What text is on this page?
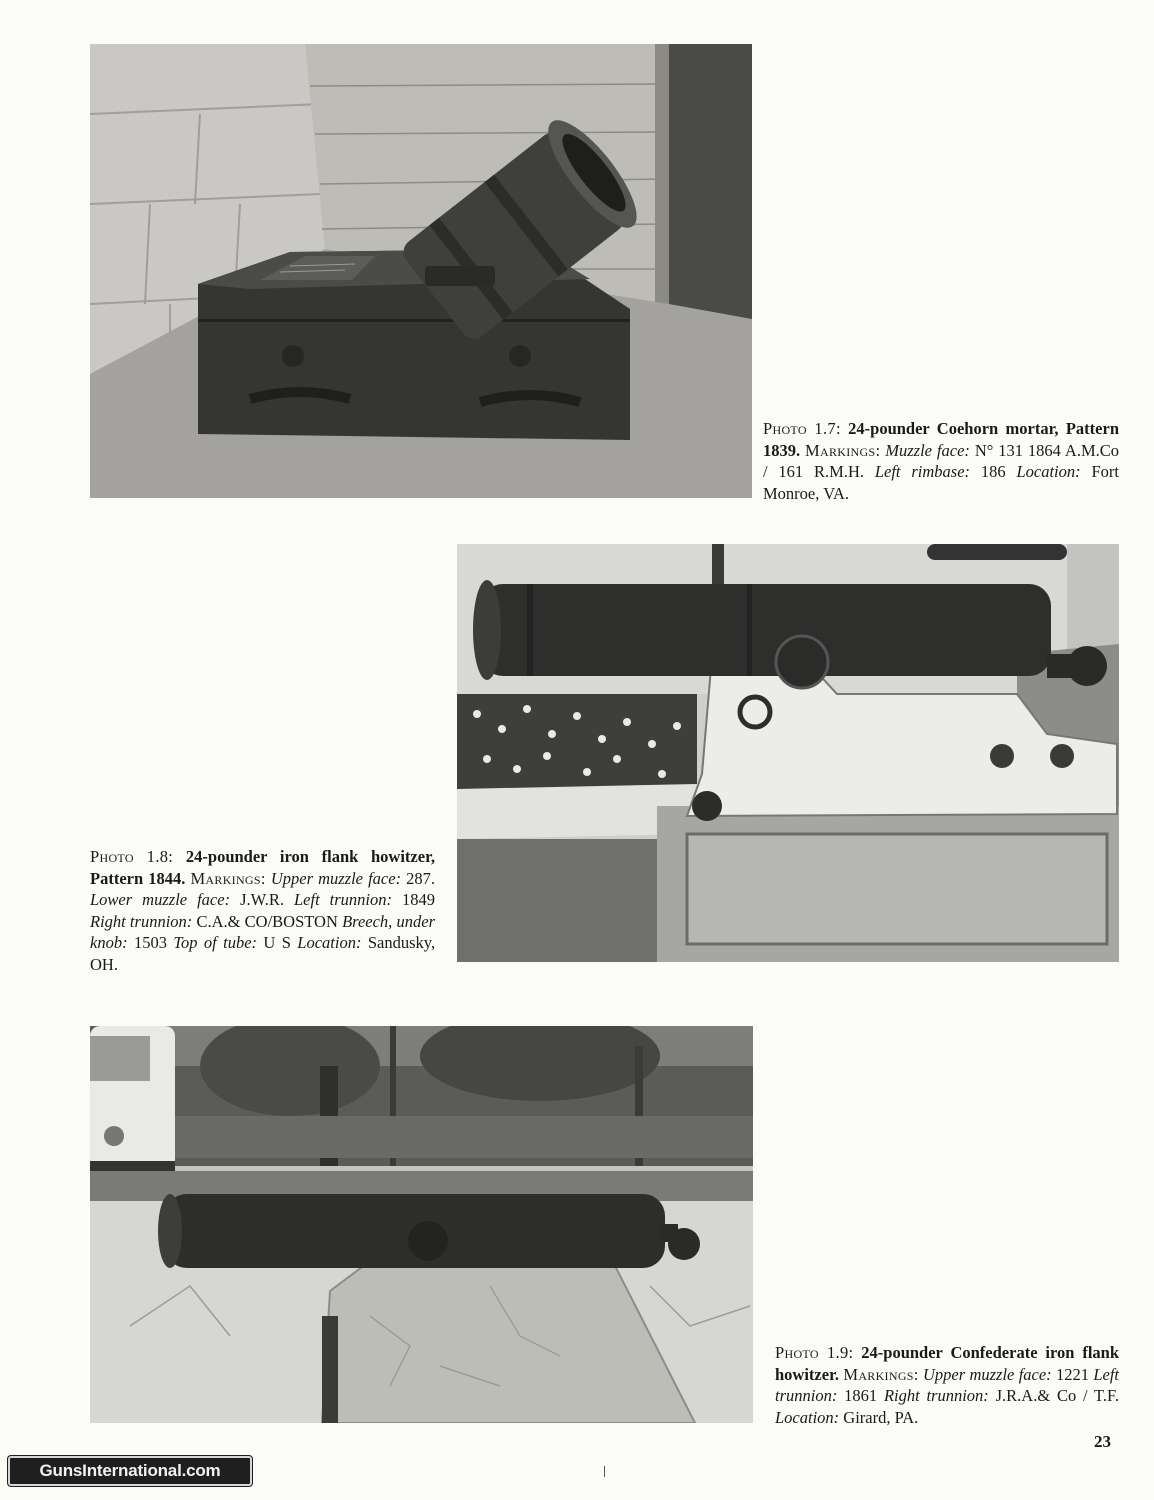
Photo 1.7: 24-pounder Coehorn mortar, Pattern 1839. Markings: Muzzle face: N° 131 1864 A.M.Co / 161 R.M.H. Left rimbase: 186 Location: Fort Monroe, VA.
Photo 1.8: 24-pounder iron flank howitzer, Pattern 1844. Markings: Upper muzzle face: 287. Lower muzzle face: J.W.R. Left trunnion: 1849 Right trunnion: C.A.& CO/BOSTON Breech, under knob: 1503 Top of tube: U S Location: Sandusky, OH.
Photo 1.9: 24-pounder Confederate iron flank howitzer. Markings: Upper muzzle face: 1221 Left trunnion: 1861 Right trunnion: J.R.A.& Co / T.F. Location: Girard, PA.
23
GunsInternational.com
